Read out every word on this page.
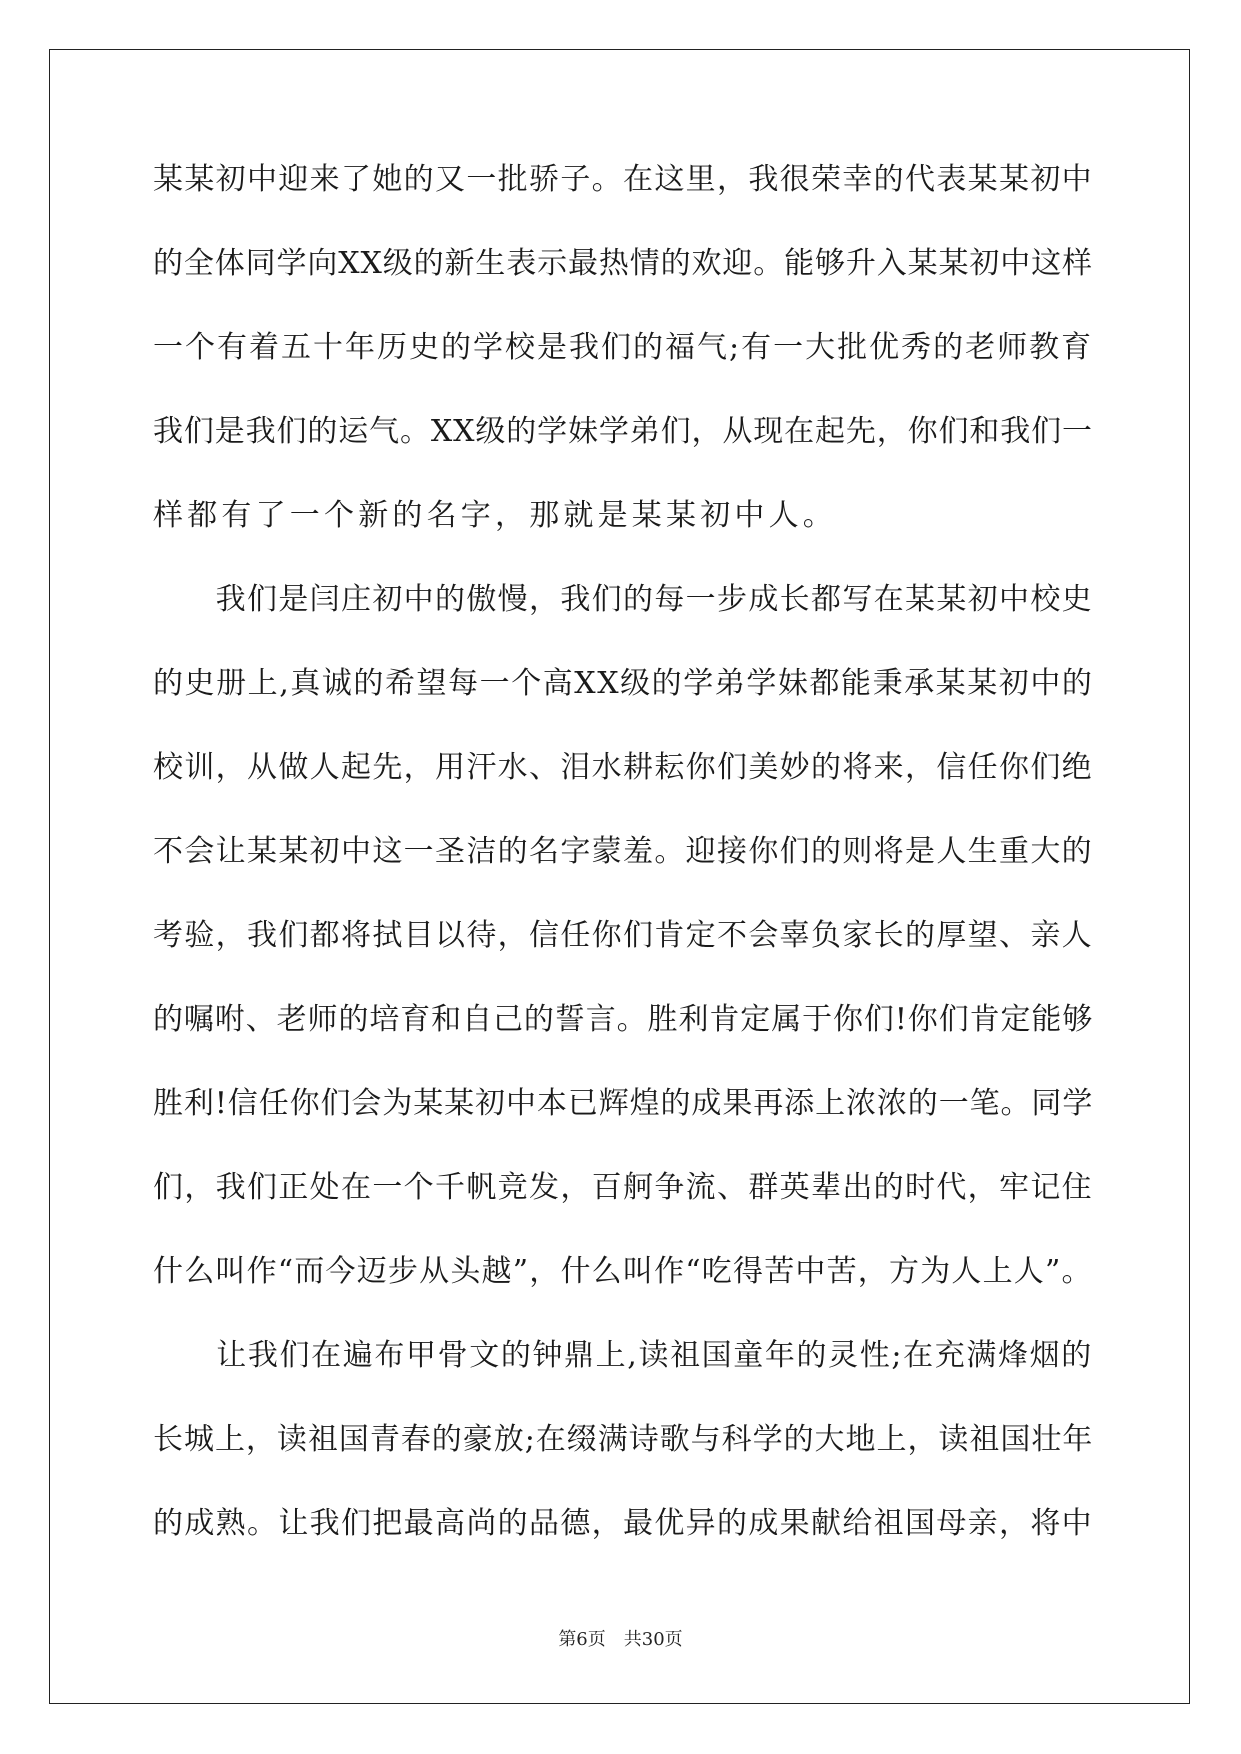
某某初中迎来了她的又一批骄子。在这里，我很荣幸的代表某某初中
的全体同学向XX级的新生表示最热情的欢迎。能够升入某某初中这样
一个有着五十年历史的学校是我们的福气;有一大批优秀的老师教育
我们是我们的运气。XX级的学妹学弟们，从现在起先，你们和我们一
样都有了一个新的名字，那就是某某初中人。
　　我们是闫庄初中的傲慢，我们的每一步成长都写在某某初中校史
的史册上,真诚的希望每一个高XX级的学弟学妹都能秉承某某初中的
校训，从做人起先，用汗水、泪水耕耘你们美妙的将来，信任你们绝
不会让某某初中这一圣洁的名字蒙羞。迎接你们的则将是人生重大的
考验，我们都将拭目以待，信任你们肯定不会辜负家长的厚望、亲人
的嘱咐、老师的培育和自己的誓言。胜利肯定属于你们!你们肯定能够
胜利!信任你们会为某某初中本已辉煌的成果再添上浓浓的一笔。同学
们，我们正处在一个千帆竞发，百舸争流、群英辈出的时代，牢记住
什么叫作“而今迈步从头越”，什么叫作“吃得苦中苦，方为人上人”。
　　让我们在遍布甲骨文的钟鼎上,读祖国童年的灵性;在充满烽烟的
长城上，读祖国青春的豪放;在缀满诗歌与科学的大地上，读祖国壮年
的成熟。让我们把最高尚的品德，最优异的成果献给祖国母亲，将中
第6页 共30页
